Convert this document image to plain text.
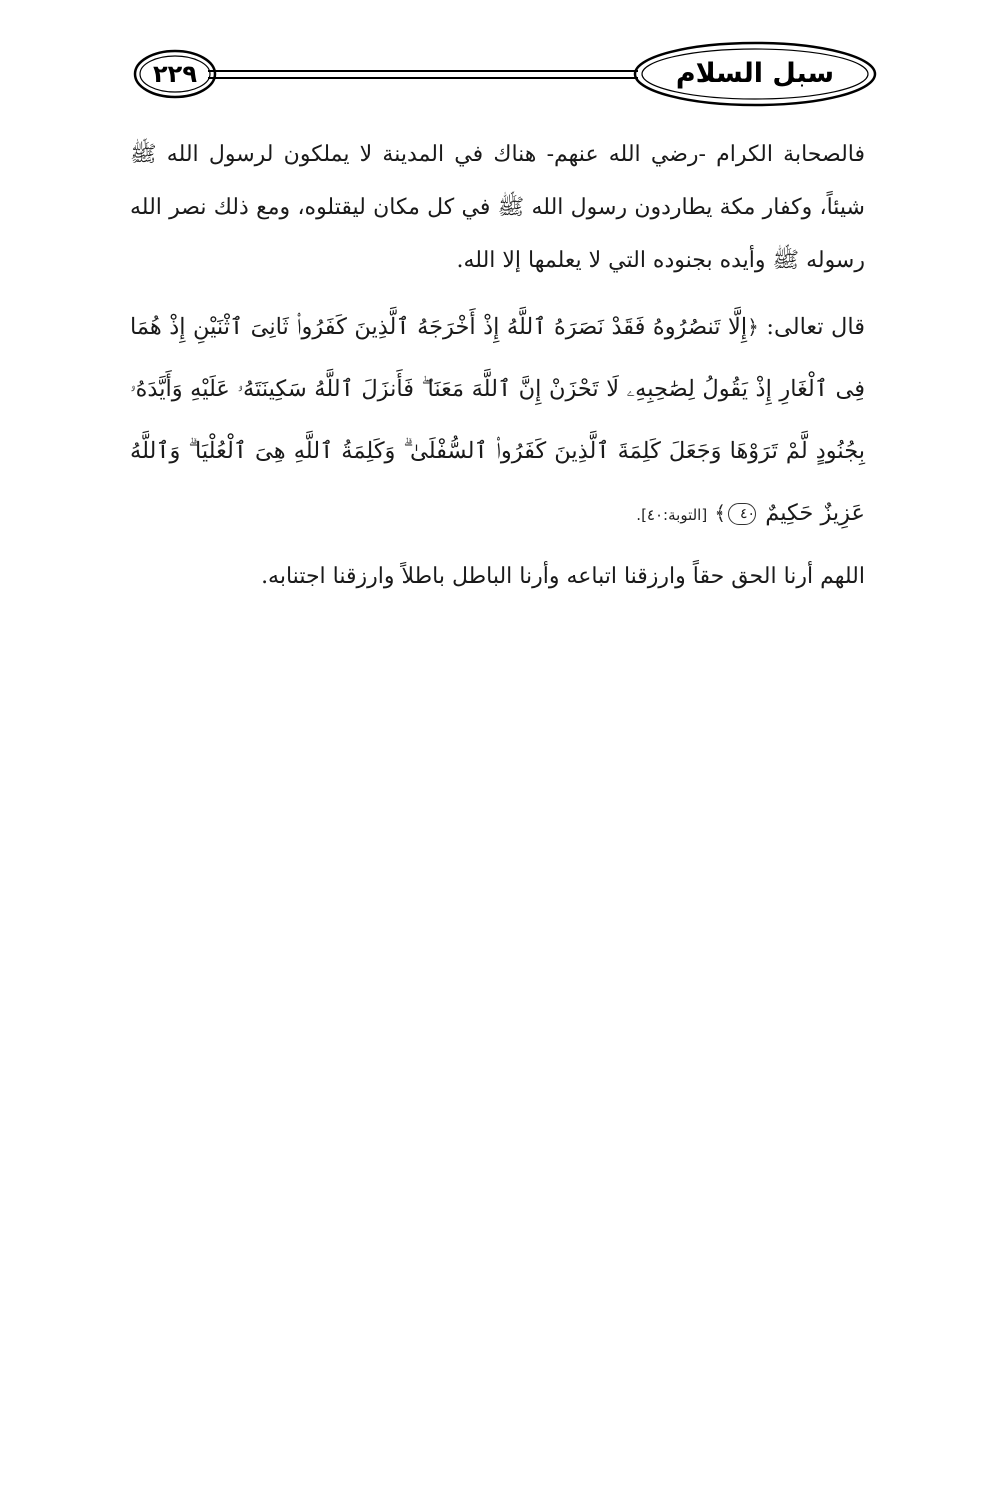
سبل السلام
٢٢٩

فالصحابة الكرام -رضي الله عنهم- هناك في المدينة لا يملكون لرسول الله ﷺ شيئاً، وكفار مكة يطاردون رسول الله ﷺ في كل مكان ليقتلوه، ومع ذلك نصر الله رسوله ﷺ وأيده بجنوده التي لا يعلمها إلا الله.

قال تعالى: ﴿إِلَّا تَنصُرُوهُ فَقَدْ نَصَرَهُ ٱللَّهُ إِذْ أَخْرَجَهُ ٱلَّذِينَ كَفَرُوا۟ ثَانِىَ ٱثْنَيْنِ إِذْ هُمَا فِى ٱلْغَارِ إِذْ يَقُولُ لِصَٰحِبِهِۦ لَا تَحْزَنْ إِنَّ ٱللَّهَ مَعَنَا ۖ فَأَنزَلَ ٱللَّهُ سَكِينَتَهُۥ عَلَيْهِ وَأَيَّدَهُۥ بِجُنُودٍ لَّمْ تَرَوْهَا وَجَعَلَ كَلِمَةَ ٱلَّذِينَ كَفَرُوا۟ ٱلسُّفْلَىٰ ۗ وَكَلِمَةُ ٱللَّهِ هِىَ ٱلْعُلْيَا ۗ وَٱللَّهُ عَزِيزٌ حَكِيمٌ ٤٠﴾ [التوبة:٤٠].

اللهم أرنا الحق حقاً وارزقنا اتباعه وأرنا الباطل باطلاً وارزقنا اجتنابه.
